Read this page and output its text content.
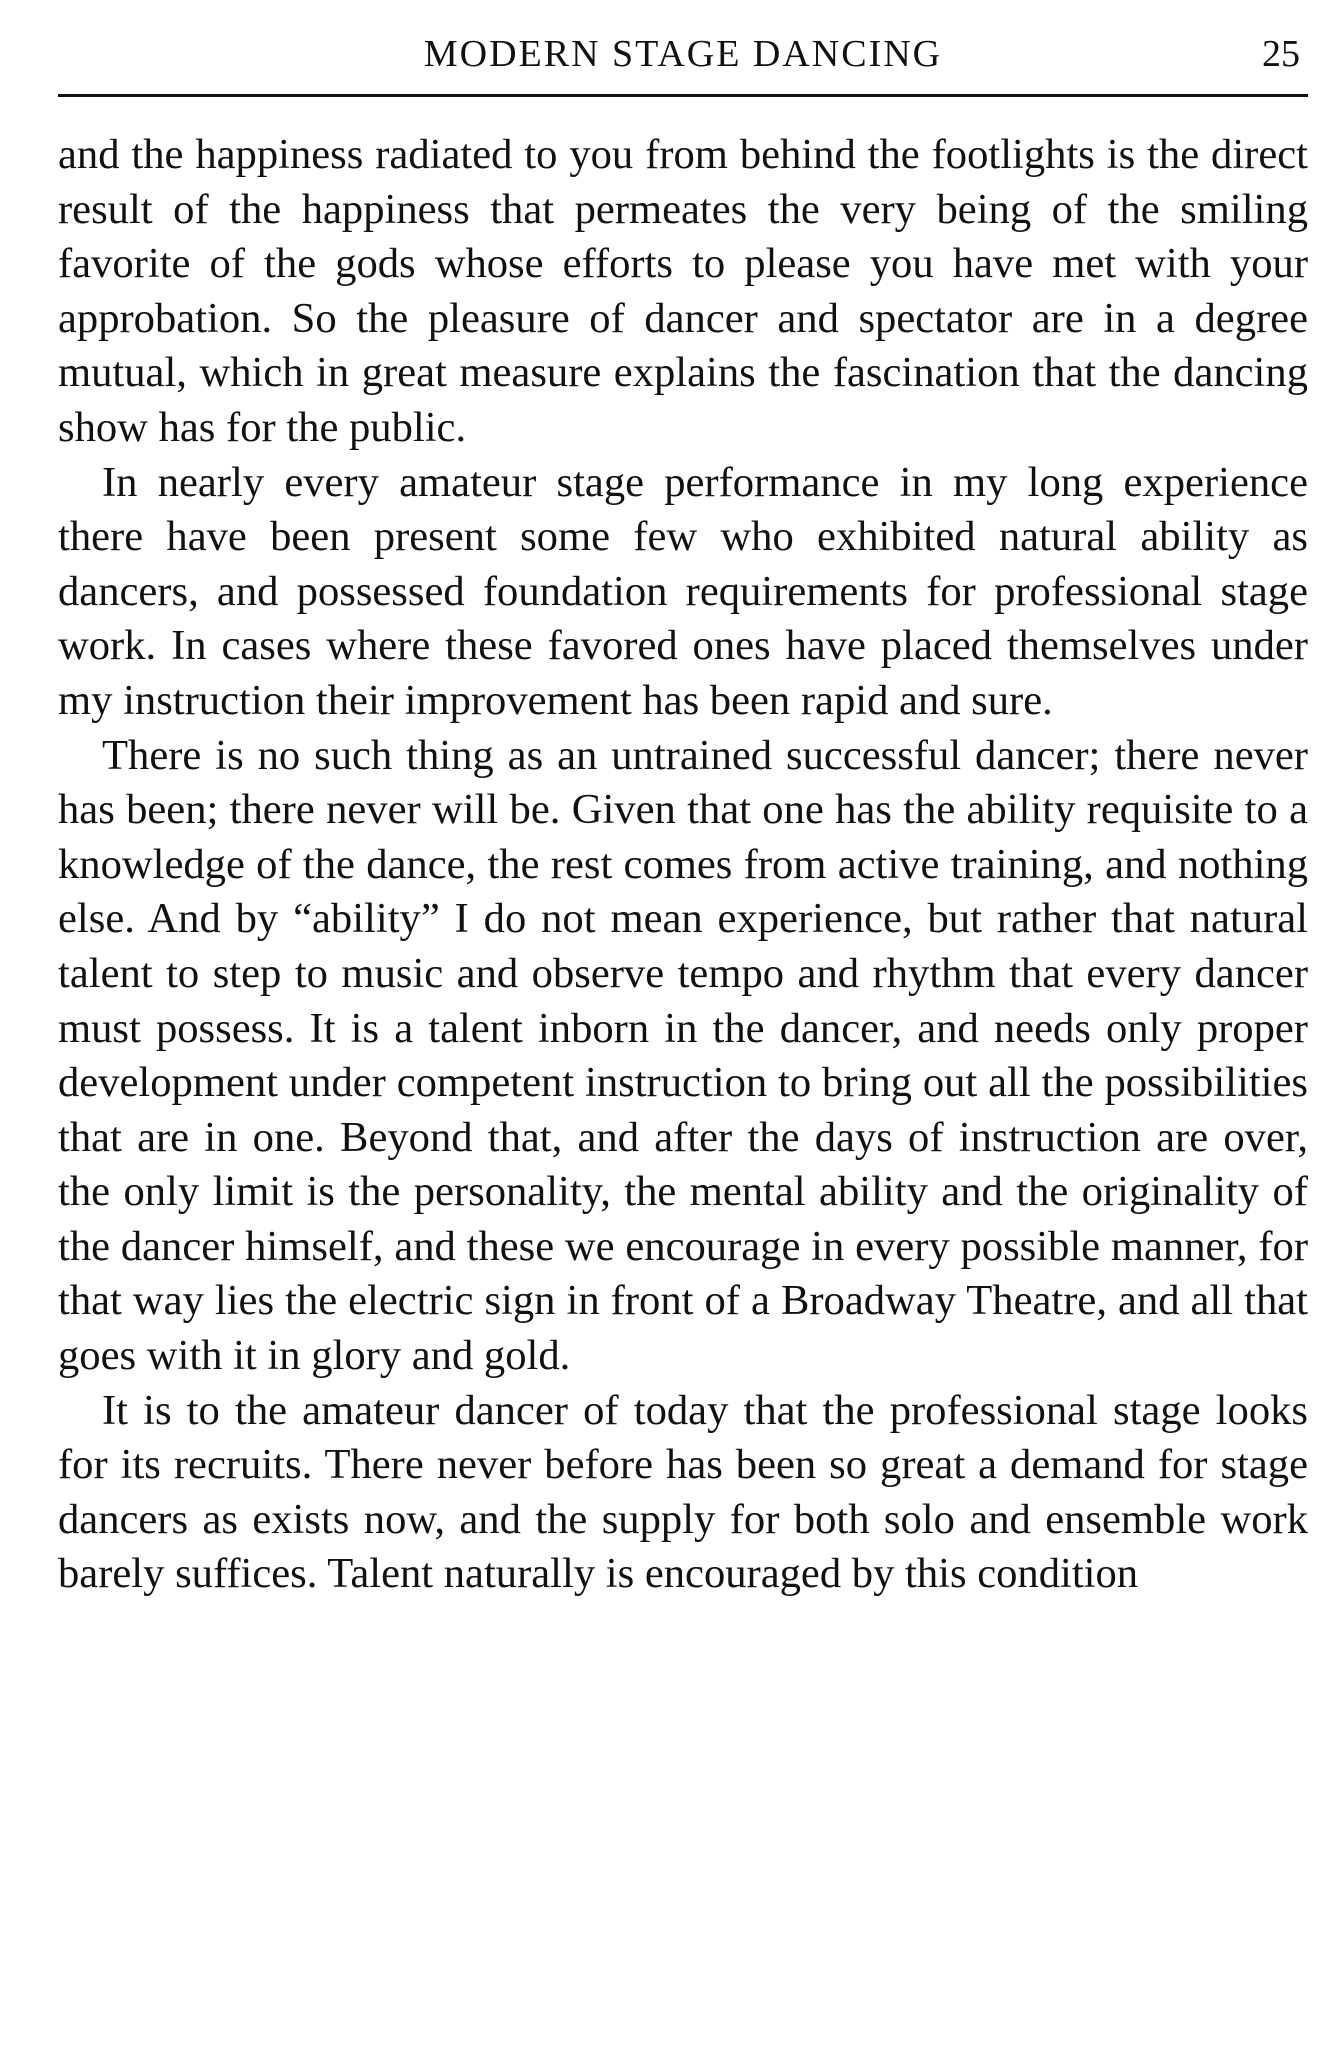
MODERN STAGE DANCING	25

and the happiness radiated to you from behind the footlights is the direct result of the happiness that permeates the very being of the smiling favorite of the gods whose efforts to please you have met with your approbation. So the pleasure of dancer and spectator are in a degree mutual, which in great measure explains the fascination that the dancing show has for the public.

In nearly every amateur stage performance in my long experience there have been present some few who exhibited natural ability as dancers, and possessed foundation requirements for professional stage work. In cases where these favored ones have placed themselves under my instruction their improvement has been rapid and sure.

There is no such thing as an untrained successful dancer; there never has been; there never will be. Given that one has the ability requisite to a knowledge of the dance, the rest comes from active training, and nothing else. And by “ability” I do not mean experience, but rather that natural talent to step to music and observe tempo and rhythm that every dancer must possess. It is a talent inborn in the dancer, and needs only proper development under competent instruction to bring out all the possibilities that are in one. Beyond that, and after the days of instruction are over, the only limit is the personality, the mental ability and the originality of the dancer himself, and these we encourage in every possible manner, for that way lies the electric sign in front of a Broadway Theatre, and all that goes with it in glory and gold.

It is to the amateur dancer of today that the professional stage looks for its recruits. There never before has been so great a demand for stage dancers as exists now, and the supply for both solo and ensemble work barely suffices. Talent naturally is encouraged by this condition
